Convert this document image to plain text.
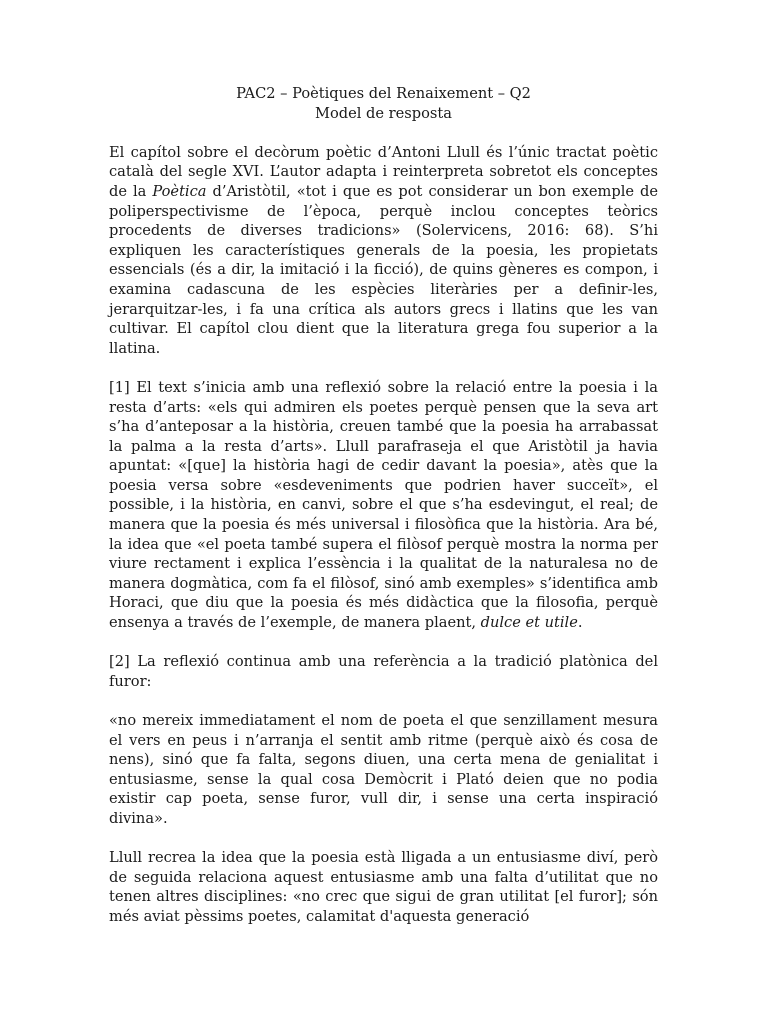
PAC2 – Poètiques del Renaixement – Q2

Model de resposta

El capítol sobre el decòrum poètic d’Antoni Llull és l’únic tractat poètic català del segle XVI. L’autor adapta i reinterpreta sobretot els conceptes de la Poètica d’Aristòtil, «tot i que es pot considerar un bon exemple de poliperspectivisme de l’època, perquè inclou conceptes teòrics procedents de diverses tradicions» (Solervicens, 2016: 68). S’hi expliquen les característiques generals de la poesia, les propietats essencials (és a dir, la imitació i la ficció), de quins gèneres es compon, i examina cadascuna de les espècies literàries per a definir-les, jerarquitzar-les, i fa una crítica als autors grecs i llatins que les van cultivar. El capítol clou dient que la literatura grega fou superior a la llatina.

[1] El text s’inicia amb una reflexió sobre la relació entre la poesia i la resta d’arts: «els qui admiren els poetes perquè pensen que la seva art s’ha d’anteposar a la història, creuen també que la poesia ha arrabassat la palma a la resta d’arts». Llull parafraseja el que Aristòtil ja havia apuntat: «[que] la història hagi de cedir davant la poesia», atès que la poesia versa sobre «esdeveniments que podrien haver succeït», el possible, i la història, en canvi, sobre el que s’ha esdevingut, el real; de manera que la poesia és més universal i filosòfica que la història. Ara bé, la idea que «el poeta també supera el filòsof perquè mostra la norma per viure rectament i explica l’essència i la qualitat de la naturalesa no de manera dogmàtica, com fa el filòsof, sinó amb exemples» s’identifica amb Horaci, que diu que la poesia és més didàctica que la filosofia, perquè ensenya a través de l’exemple, de manera plaent, dulce et utile.

[2] La reflexió continua amb una referència a la tradició platònica del furor:

«no mereix immediatament el nom de poeta el que senzillament mesura el vers en peus i n’arranja el sentit amb ritme (perquè això és cosa de nens), sinó que fa falta, segons diuen, una certa mena de genialitat i entusiasme, sense la qual cosa Demòcrit i Plató deien que no podia existir cap poeta, sense furor, vull dir, i sense una certa inspiració divina».

Llull recrea la idea que la poesia està lligada a un entusiasme diví, però de seguida relaciona aquest entusiasme amb una falta d’utilitat que no tenen altres disciplines: «no crec que sigui de gran utilitat [el furor]; són més aviat pèssims poetes, calamitat d'aquesta generació
